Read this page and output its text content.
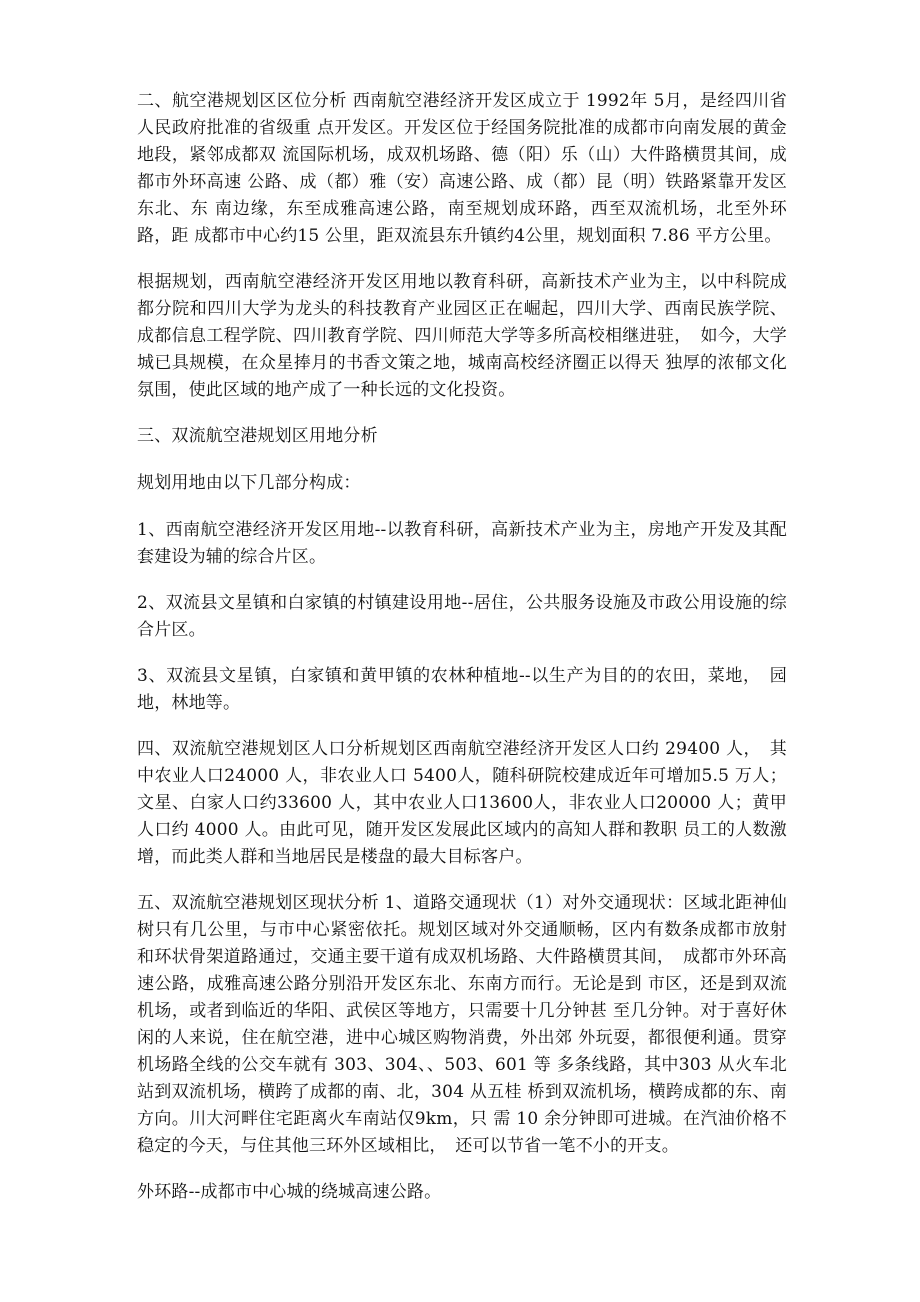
二、航空港规划区区位分析 西南航空港经济开发区成立于 1992年 5月，是经四川省人民政府批准的省级重 点开发区。开发区位于经国务院批准的成都市向南发展的黄金地段，紧邻成都双 流国际机场，成双机场路、德（阳）乐（山）大件路横贯其间，成都市外环高速 公路、成（都）雅（安）高速公路、成（都）昆（明）铁路紧靠开发区东北、东 南边缘，东至成雅高速公路，南至规划成环路，西至双流机场，北至外环路，距 成都市中心约15 公里，距双流县东升镇约4公里，规划面积 7.86 平方公里。

根据规划，西南航空港经济开发区用地以教育科研，高新技术产业为主，以中科院成都分院和四川大学为龙头的科技教育产业园区正在崛起，四川大学、西南民族学院、成都信息工程学院、四川教育学院、四川师范大学等多所高校相继进驻，　如今，大学城已具规模，在众星捧月的书香文策之地，城南高校经济圈正以得天 独厚的浓郁文化氛围，使此区域的地产成了一种长远的文化投资。

三、双流航空港规划区用地分析

规划用地由以下几部分构成：

1、西南航空港经济开发区用地--以教育科研，高新技术产业为主，房地产开发及其配套建设为辅的综合片区。

2、双流县文星镇和白家镇的村镇建设用地--居住，公共服务设施及市政公用设施的综合片区。

3、双流县文星镇，白家镇和黄甲镇的农林种植地--以生产为目的的农田，菜地，　园地，林地等。

四、双流航空港规划区人口分析规划区西南航空港经济开发区人口约 29400 人，　其中农业人口24000 人，非农业人口 5400人，随科研院校建成近年可增加5.5 万人；文星、白家人口约33600 人，其中农业人口13600人，非农业人口20000 人；黄甲人口约 4000 人。由此可见，随开发区发展此区域内的高知人群和教职 员工的人数激增，而此类人群和当地居民是楼盘的最大目标客户。

五、双流航空港规划区现状分析 1、道路交通现状（1）对外交通现状：区域北距神仙树只有几公里，与市中心紧密依托。规划区域对外交通顺畅，区内有数条成都市放射和环状骨架道路通过，交通主要干道有成双机场路、大件路横贯其间，　成都市外环高速公路，成雅高速公路分别沿开发区东北、东南方而行。无论是到 市区，还是到双流机场，或者到临近的华阳、武侯区等地方，只需要十几分钟甚 至几分钟。对于喜好休闲的人来说，住在航空港，进中心城区购物消费，外出郊 外玩耍，都很便利通。贯穿机场路全线的公交车就有 303、304、、503、601 等 多条线路，其中303 从火车北站到双流机场，横跨了成都的南、北，304 从五桂 桥到双流机场，横跨成都的东、南方向。川大河畔住宅距离火车南站仅9km，只 需 10 余分钟即可进城。在汽油价格不稳定的今天，与住其他三环外区域相比，　还可以节省一笔不小的开支。

外环路--成都市中心城的绕城高速公路。
